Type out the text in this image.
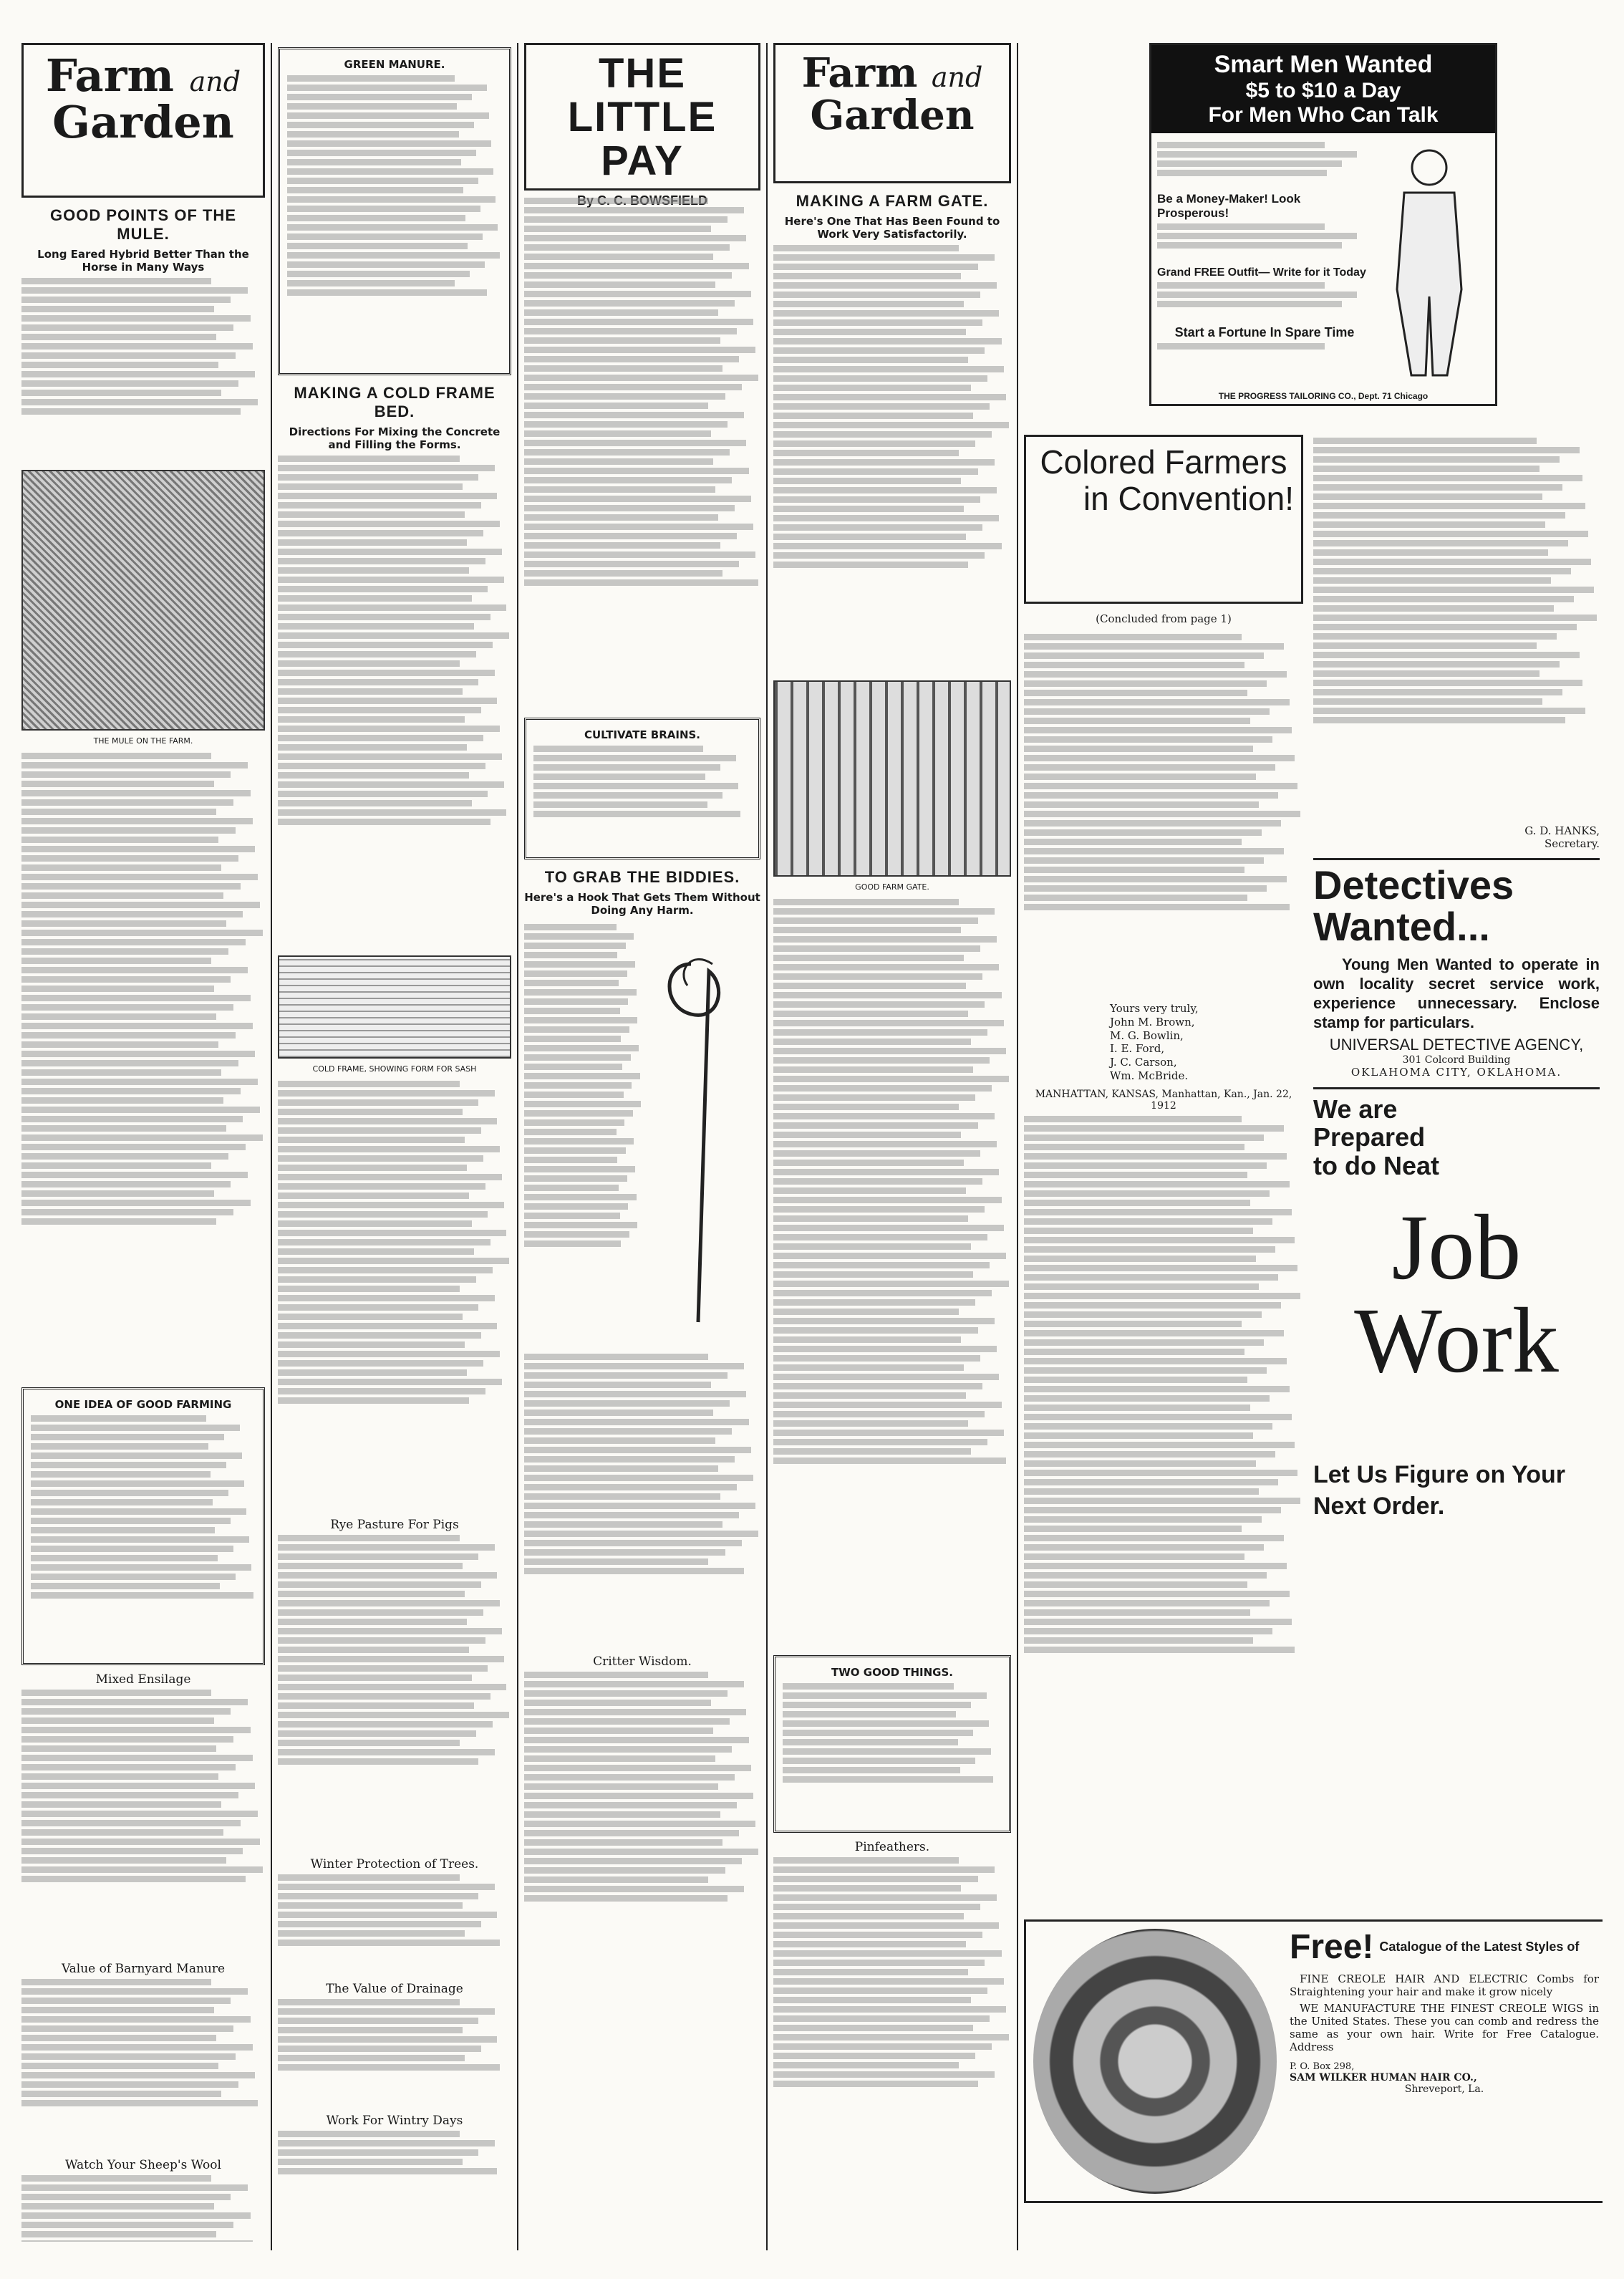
Farm and
Garden
GOOD POINTS OF THE MULE.
Long Eared Hybrid Better Than the Horse in Many Ways
THE MULE ON THE FARM.
ONE IDEA OF GOOD FARMING
Mixed Ensilage
Value of Barnyard Manure
Watch Your Sheep's Wool
GREEN MANURE.
MAKING A COLD FRAME BED.
Directions For Mixing the Concrete and Filling the Forms.
COLD FRAME, SHOWING FORM FOR SASH
Rye Pasture For Pigs
Winter Protection of Trees.
The Value of Drainage
Work For Wintry Days
THE LITTLE PAY
CULTIVATE BRAINS.
TO GRAB THE BIDDIES.
Here's a Hook That Gets Them Without Doing Any Harm.
Critter Wisdom.
Farm and
Garden
MAKING A FARM GATE.
Here's One That Has Been Found to Work Very Satisfactorily.
GOOD FARM GATE.
TWO GOOD THINGS.
Pinfeathers.
Smart Men Wanted
$5 to $10 a Day
For Men Who Can Talk
Be a Money-Maker! Look Prosperous!
Grand FREE Outfit— Write for it Today
Start a Fortune In Spare Time
THE PROGRESS TAILORING CO., Dept. 71 Chicago
Colored Farmers
in Convention!
(Concluded from page 1)
Yours very truly,
John M. Brown,
M. G. Bowlin,
I. E. Ford,
J. C. Carson,
Wm. McBride.
MANHATTAN, KANSAS, Manhattan, Kan., Jan. 22, 1912

G. D. HANKS,

Secretary.

Detectives
Wanted...

Young Men Wanted to operate in own locality secret service work, experience unnecessary. Enclose stamp for particulars.

UNIVERSAL DETECTIVE AGENCY,
301 Colcord Building
OKLAHOMA CITY, OKLAHOMA.
We are
Prepared
to do Neat
Job Work
Let Us Figure on Your Next Order.
Free! Catalogue of the Latest Styles of

FINE CREOLE HAIR AND ELECTRIC Combs for Straightening your hair and make it grow nicely

WE MANUFACTURE THE FINEST CREOLE WIGS in the United States. These you can comb and redress the same as your own hair. Write for Free Catalogue. Address

P. O. Box 298,
SAM WILKER HUMAN HAIR CO.,
Shreveport, La.
